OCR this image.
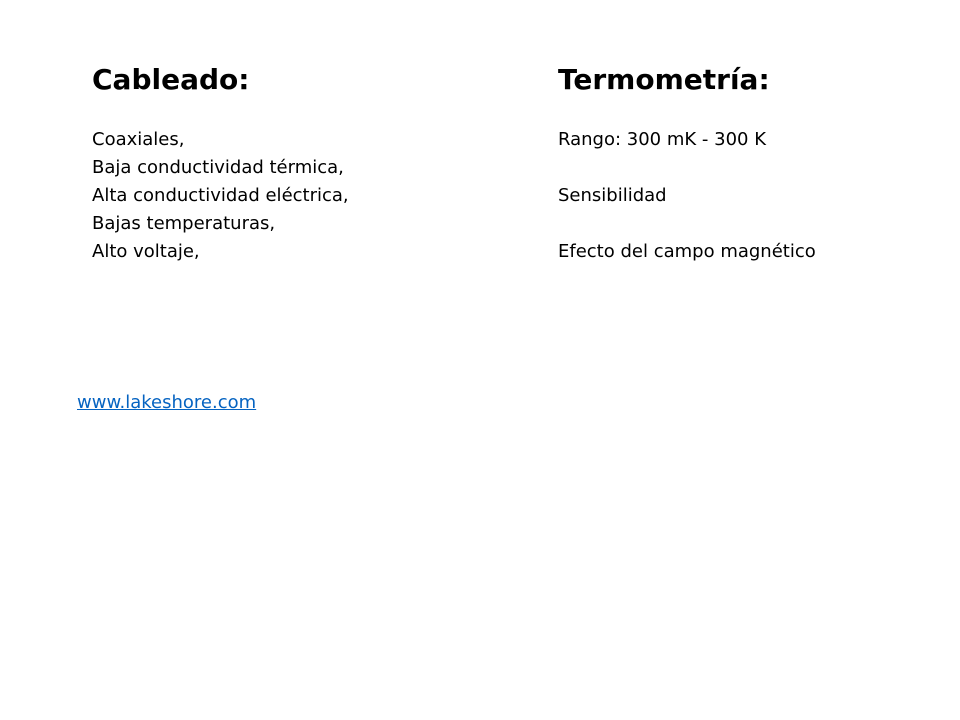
Cableado:
Coaxiales,
Baja conductividad térmica,
Alta conductividad eléctrica,
Bajas temperaturas,
Alto voltaje,
Termometría:
Rango: 300 mK - 300 K
Sensibilidad
Efecto del campo magnético
www.lakeshore.com
